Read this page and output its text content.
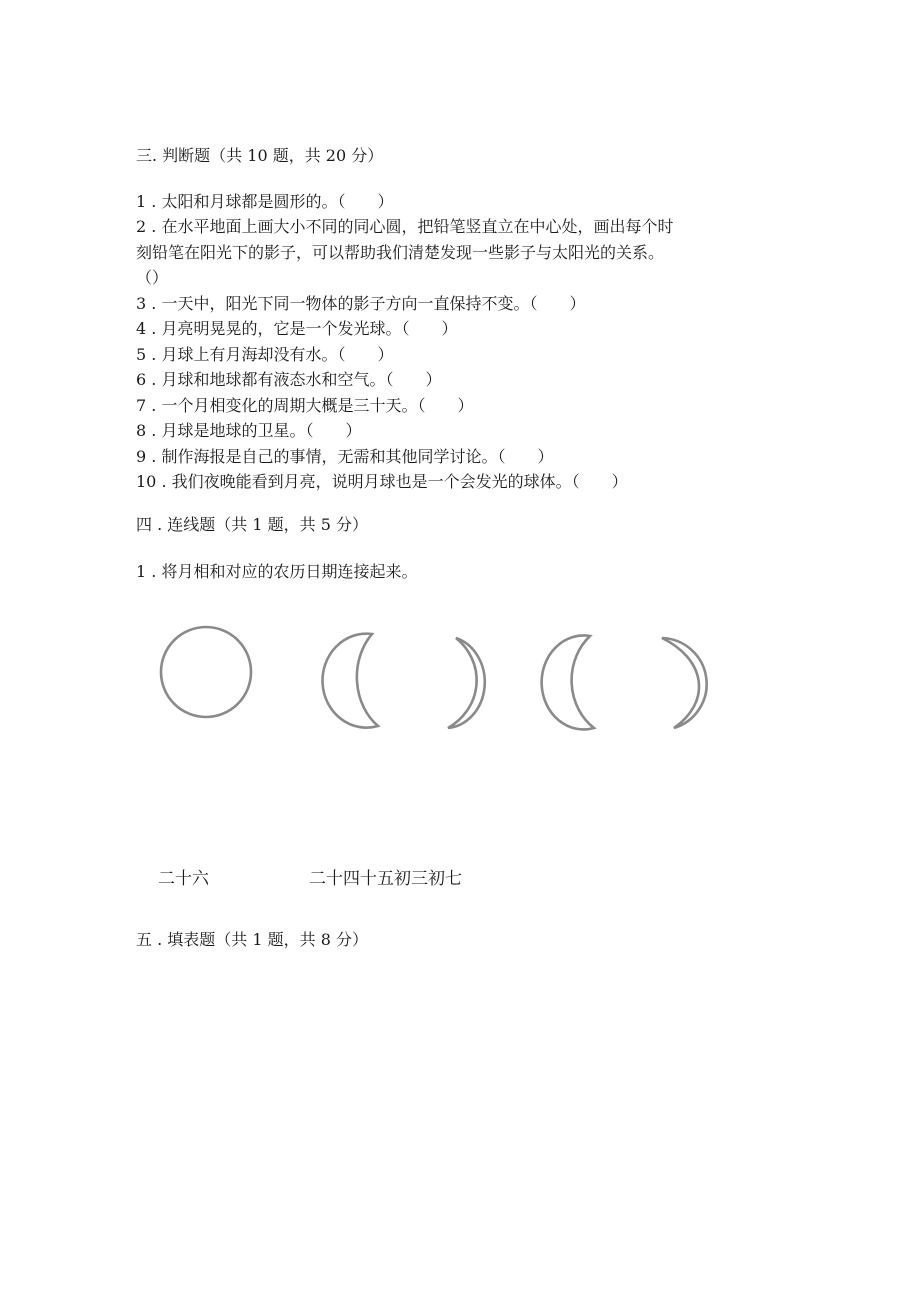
三. 判断题（共 10 题，共 20 分）
1 . 太阳和月球都是圆形的。（　　）
2 . 在水平地面上画大小不同的同心圆，把铅笔竖直立在中心处，画出每个时
刻铅笔在阳光下的影子，可以帮助我们清楚发现一些影子与太阳光的关系。
（）
3 . 一天中，阳光下同一物体的影子方向一直保持不变。（　　）
4 . 月亮明晃晃的，它是一个发光球。（　　）
5 . 月球上有月海却没有水。（　　）
6 . 月球和地球都有液态水和空气。（　　）
7 . 一个月相变化的周期大概是三十天。（　　）
8 . 月球是地球的卫星。（　　）
9 . 制作海报是自己的事情，无需和其他同学讨论。（　　）
10 . 我们夜晚能看到月亮，说明月球也是一个会发光的球体。（　　）
四 . 连线题（共 1 题，共 5 分）
1 . 将月相和对应的农历日期连接起来。
二十六	二十四十五初三初七
五 . 填表题（共 1 题，共 8 分）
